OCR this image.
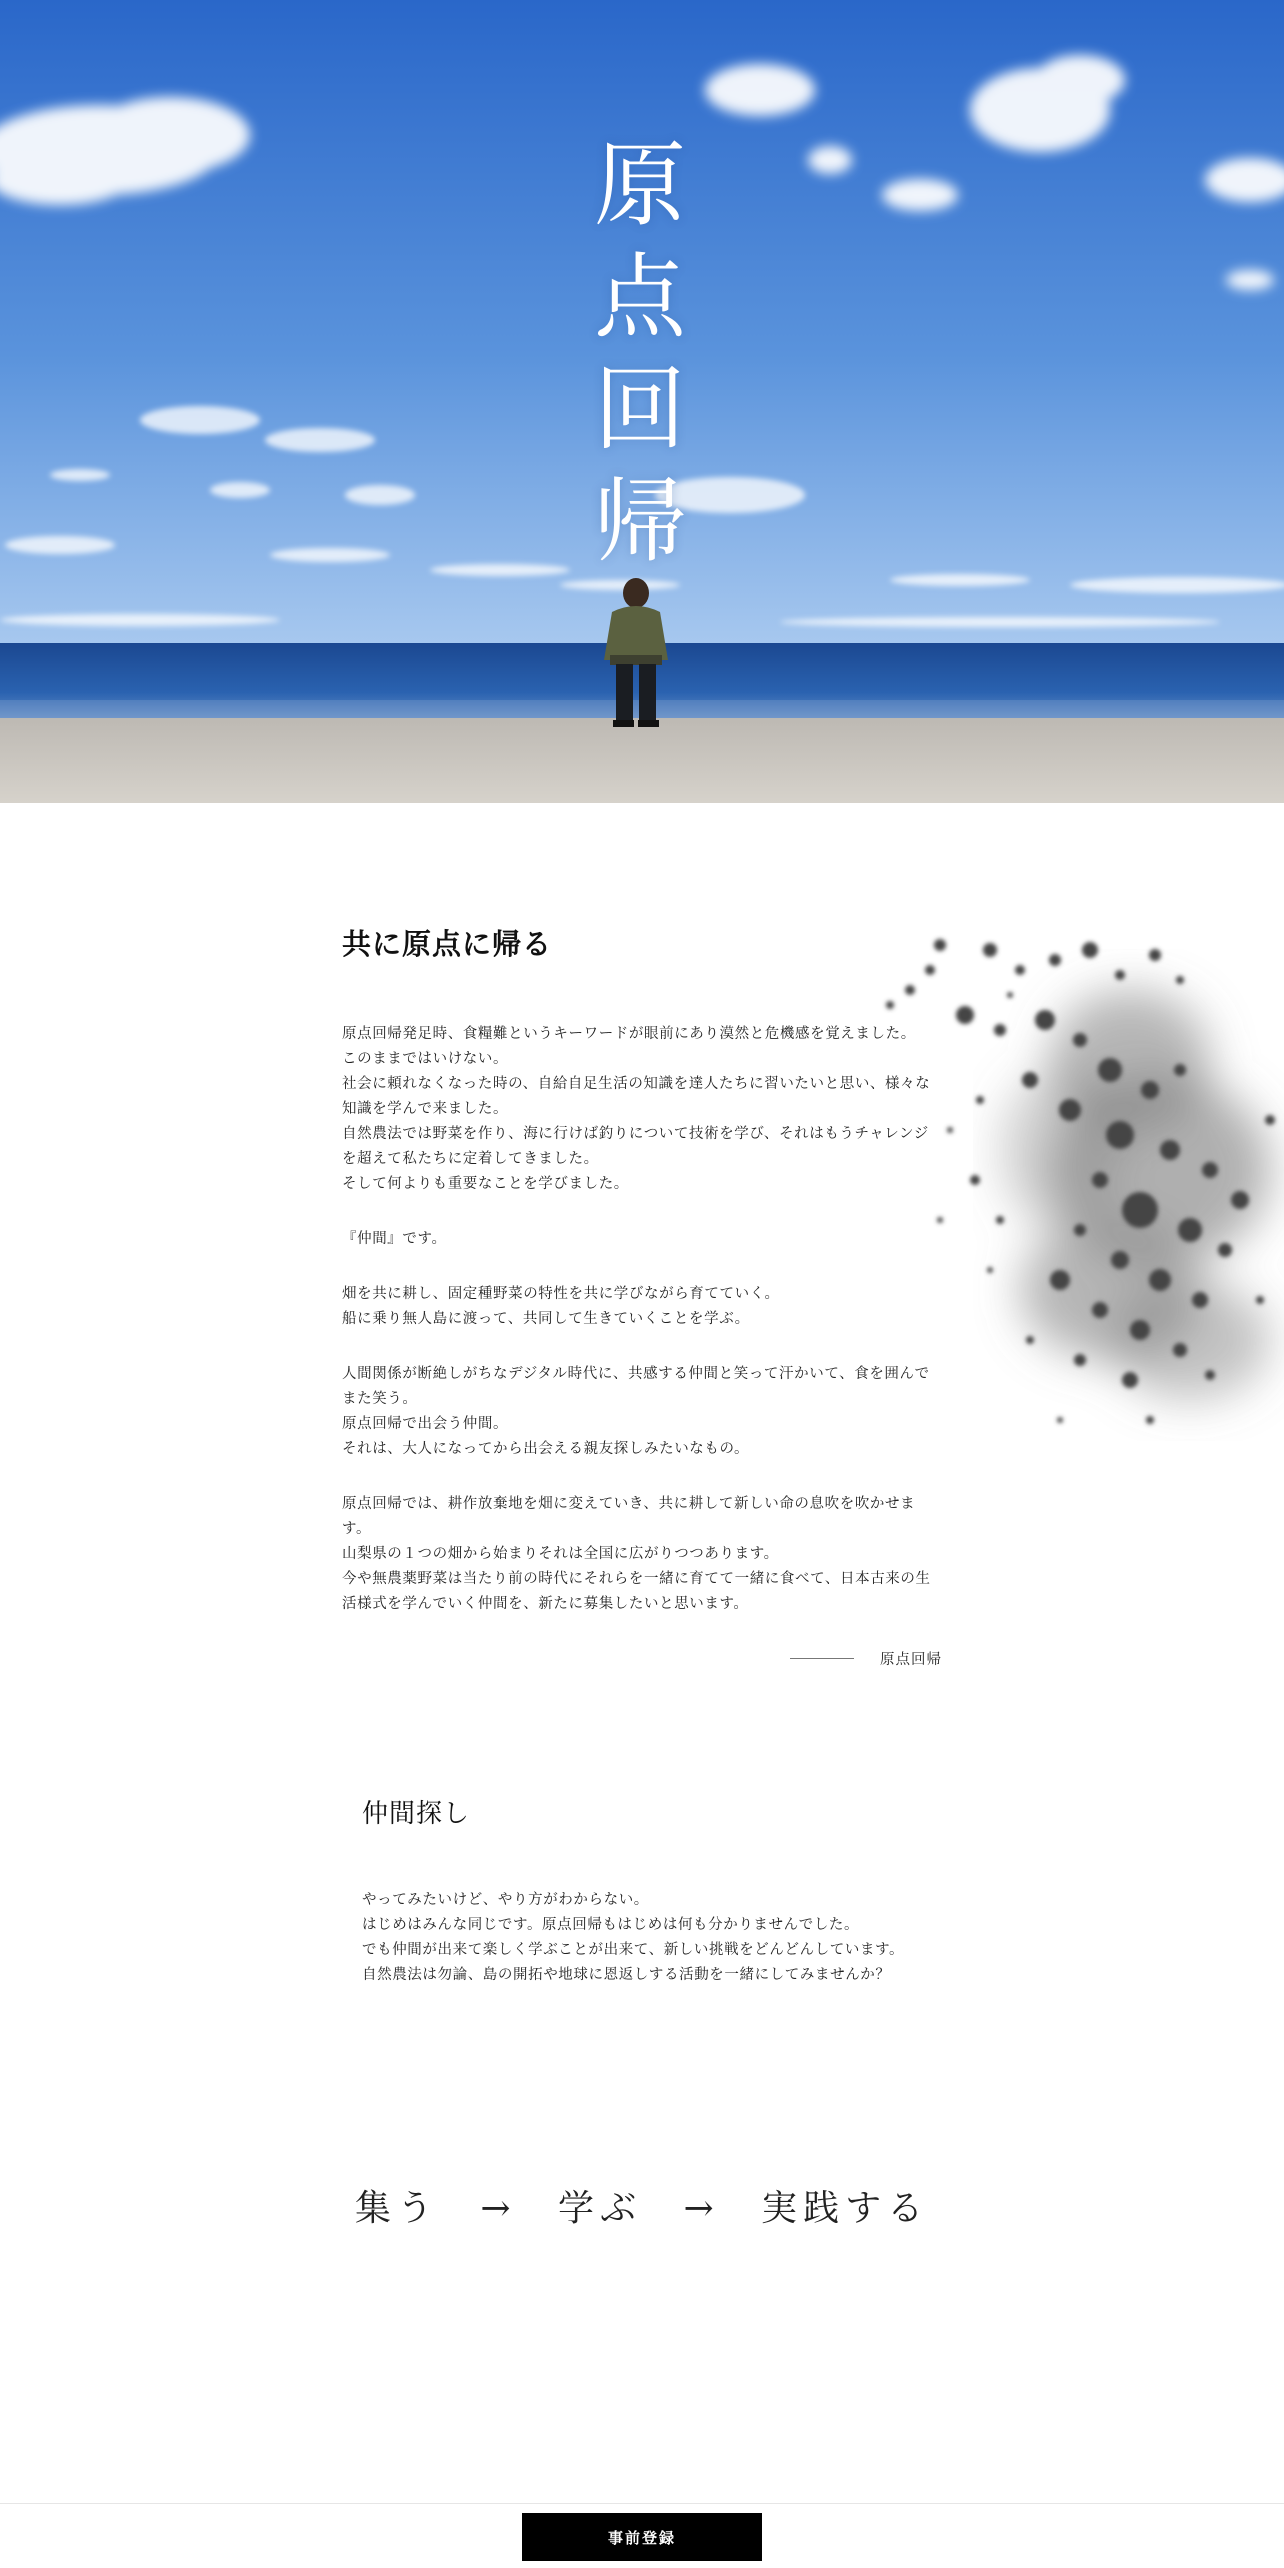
原
点
回
帰
共に原点に帰る

原点回帰発足時、食糧難というキーワードが眼前にあり漠然と危機感を覚えました。
このままではいけない。
社会に頼れなくなった時の、自給自足生活の知識を達人たちに習いたいと思い、様々な知識を学んで来ました。
自然農法では野菜を作り、海に行けば釣りについて技術を学び、それはもうチャレンジを超えて私たちに定着してきました。
そして何よりも重要なことを学びました。

『仲間』です。

畑を共に耕し、固定種野菜の特性を共に学びながら育てていく。
船に乗り無人島に渡って、共同して生きていくことを学ぶ。

人間関係が断絶しがちなデジタル時代に、共感する仲間と笑って汗かいて、食を囲んでまた笑う。
原点回帰で出会う仲間。
それは、大人になってから出会える親友探しみたいなもの。

原点回帰では、耕作放棄地を畑に変えていき、共に耕して新しい命の息吹を吹かせます。
山梨県の１つの畑から始まりそれは全国に広がりつつあります。
今や無農薬野菜は当たり前の時代にそれらを一緒に育てて一緒に食べて、日本古来の生活様式を学んでいく仲間を、新たに募集したいと思います。

原点回帰
仲間探し

やってみたいけど、やり方がわからない。
はじめはみんな同じです。原点回帰もはじめは何も分かりませんでした。
でも仲間が出来て楽しく学ぶことが出来て、新しい挑戦をどんどんしています。
自然農法は勿論、島の開拓や地球に恩返しする活動を一緒にしてみませんか？

集う → 学ぶ → 実践する
事前登録
